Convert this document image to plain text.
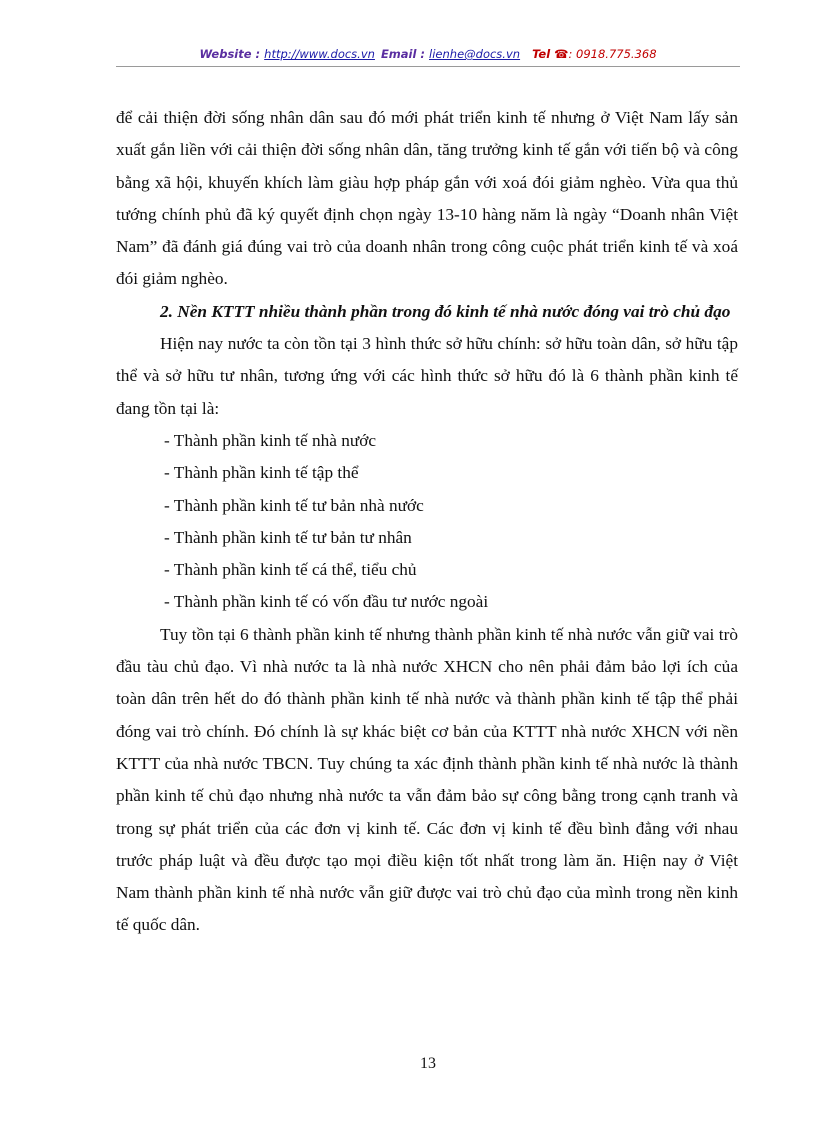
Website : http://www.docs.vn Email : lienhe@docs.vn Tel ☎: 0918.775.368

để cải thiện đời sống nhân dân sau đó mới phát triển kinh tế nhưng ở Việt Nam lấy sản xuất gắn liền với cải thiện đời sống nhân dân, tăng trưởng kinh tế gắn với tiến bộ và công bằng xã hội, khuyến khích làm giàu hợp pháp gắn với xoá đói giảm nghèo. Vừa qua thủ tướng chính phủ đã ký quyết định chọn ngày 13-10 hàng năm là ngày “Doanh nhân Việt Nam” đã đánh giá đúng vai trò của doanh nhân trong công cuộc phát triển kinh tế và xoá đói giảm nghèo.

2. Nền KTTT nhiều thành phần trong đó kinh tế nhà nước đóng vai trò chủ đạo

Hiện nay nước ta còn tồn tại 3 hình thức sở hữu chính: sở hữu toàn dân, sở hữu tập thể và sở hữu tư nhân, tương ứng với các hình thức sở hữu đó là 6 thành phần kinh tế đang tồn tại là:

- Thành phần kinh tế nhà nước

- Thành phần kinh tế tập thể

- Thành phần kinh tế tư bản nhà nước

- Thành phần kinh tế tư bản tư nhân

- Thành phần kinh tế cá thể, tiểu chủ

- Thành phần kinh tế có vốn đầu tư nước ngoài

Tuy tồn tại 6 thành phần kinh tế nhưng thành phần kinh tế nhà nước vẫn giữ vai trò đầu tàu chủ đạo. Vì nhà nước ta là nhà nước XHCN cho nên phải đảm bảo lợi ích của toàn dân trên hết do đó thành phần kinh tế nhà nước và thành phần kinh tế tập thể phải đóng vai trò chính. Đó chính là sự khác biệt cơ bản của KTTT nhà nước XHCN với nền KTTT của nhà nước TBCN. Tuy chúng ta xác định thành phần kinh tế nhà nước là thành phần kinh tế chủ đạo nhưng nhà nước ta vẫn đảm bảo sự công bằng trong cạnh tranh và trong sự phát triển của các đơn vị kinh tế. Các đơn vị kinh tế đều bình đẳng với nhau trước pháp luật và đều được tạo mọi điều kiện tốt nhất trong làm ăn. Hiện nay ở Việt Nam thành phần kinh tế nhà nước vẫn giữ được vai trò chủ đạo của mình trong nền kinh tế quốc dân.

13
